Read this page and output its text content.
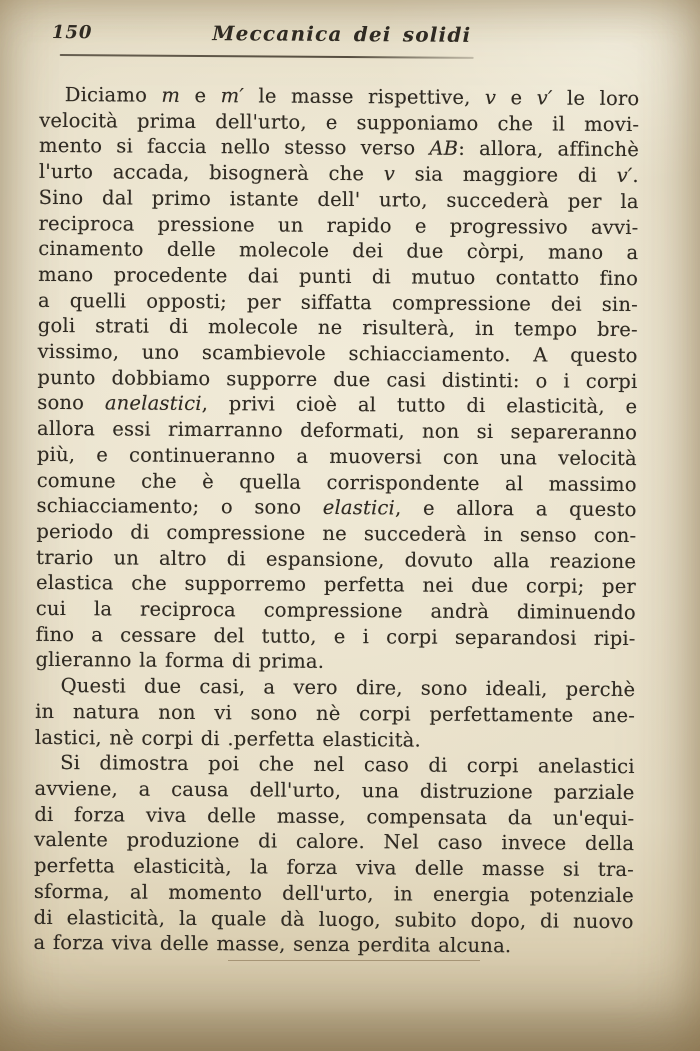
150	Meccanica dei solidi
Diciamo m e m′ le masse rispettive, v e v′ le loro
velocità prima dell'urto, e supponiamo che il movi-
mento si faccia nello stesso verso AB: allora, affinchè
l'urto accada, bisognerà che v sia maggiore di v′.
Sino dal primo istante dell' urto, succederà per la
reciproca pressione un rapido e progressivo avvi-
cinamento delle molecole dei due còrpi, mano a
mano procedente dai punti di mutuo contatto fino
a quelli opposti; per siffatta compressione dei sin-
goli strati di molecole ne risulterà, in tempo bre-
vissimo, uno scambievole schiacciamento. A questo
punto dobbiamo supporre due casi distinti: o i corpi
sono anelastici, privi cioè al tutto di elasticità, e
allora essi rimarranno deformati, non si separeranno
più, e continueranno a muoversi con una velocità
comune che è quella corrispondente al massimo
schiacciamento; o sono elastici, e allora a questo
periodo di compressione ne succederà in senso con-
trario un altro di espansione, dovuto alla reazione
elastica che supporremo perfetta nei due corpi; per
cui la reciproca compressione andrà diminuendo
fino a cessare del tutto, e i corpi separandosi ripi-
glieranno la forma di prima.
Questi due casi, a vero dire, sono ideali, perchè
in natura non vi sono nè corpi perfettamente ane-
lastici, nè corpi di .perfetta elasticità.
Si dimostra poi che nel caso di corpi anelastici
avviene, a causa dell'urto, una distruzione parziale
di forza viva delle masse, compensata da un'equi-
valente produzione di calore. Nel caso invece della
perfetta elasticità, la forza viva delle masse si tra-
sforma, al momento dell'urto, in energia potenziale
di elasticità, la quale dà luogo, subito dopo, di nuovo
a forza viva delle masse, senza perdita alcuna.
